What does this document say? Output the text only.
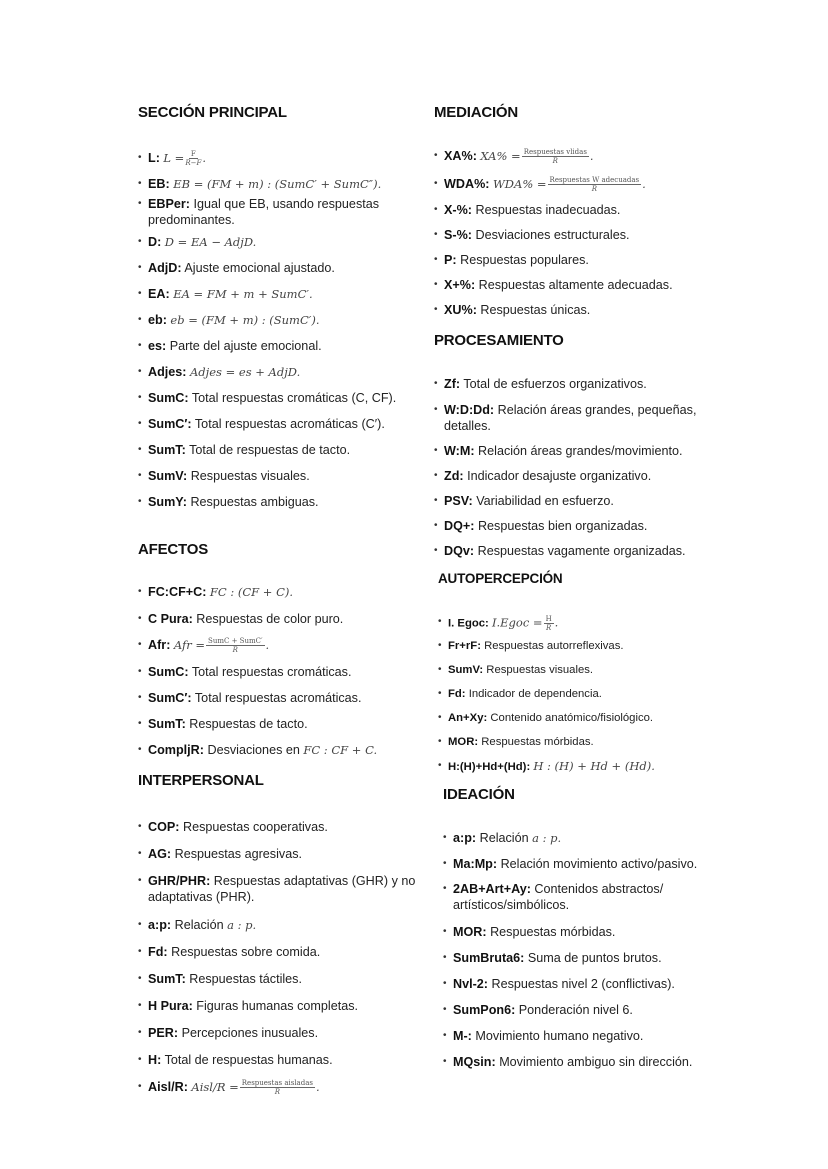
SECCIÓN PRINCIPAL
• L: $L = \frac{F}{R-F}$ .
• EB: EB = (FM + m) : (SumC′ + SumC″).
• EBPer: Igual que EB, usando respuestas predominantes.
• D: D = EA − AdjD.
• AdjD: Ajuste emocional ajustado.
• EA: EA = FM + m + SumC′.
• eb: eb = (FM + m) : (SumC′).
• es: Parte del ajuste emocional.
• Adjes: Adjes = es + AdjD.
• SumC: Total respuestas cromáticas (C, CF).
• SumC′: Total respuestas acromáticas (C′).
• SumT: Total de respuestas de tacto.
• SumV: Respuestas visuales.
• SumY: Respuestas ambiguas.
AFECTOS
• FC:CF+C: FC : (CF + C).
• C Pura: Respuestas de color puro.
• Afr: Afr = $\frac{\text{SumC + SumC′}}{R}$ .
• SumC: Total respuestas cromáticas.
• SumC′: Total respuestas acromáticas.
• SumT: Respuestas de tacto.
• CompljR: Desviaciones en FC : CF + C.
INTERPERSONAL
• COP: Respuestas cooperativas.
• AG: Respuestas agresivas.
• GHR/PHR: Respuestas adaptativas (GHR) y no adaptativas (PHR).
• a:p: Relación a : p.
• Fd: Respuestas sobre comida.
• SumT: Respuestas táctiles.
• H Pura: Figuras humanas completas.
• PER: Percepciones inusuales.
• H: Total de respuestas humanas.
• Aisl/R: Aisl/R = $\frac{\text{Respuestas aisladas}}{R}$ .
MEDIACIÓN
• XA%: $XA\% = \frac{\text{Respuestas vlidas}}{R}$ .
• WDA%: $WDA\% = \frac{\text{Respuestas W adecuadas}}{R}$ .
• X-%: Respuestas inadecuadas.
• S-%: Desviaciones estructurales.
• P: Respuestas populares.
• X+%: Respuestas altamente adecuadas.
• XU%: Respuestas únicas.
PROCESAMIENTO
• Zf: Total de esfuerzos organizativos.
• W:D:Dd: Relación áreas grandes, pequeñas, detalles.
• W:M: Relación áreas grandes/movimiento.
• Zd: Indicador desajuste organizativo.
• PSV: Variabilidad en esfuerzo.
• DQ+: Respuestas bien organizadas.
• DQv: Respuestas vagamente organizadas.
AUTOPERCEPCIÓN
• I. Egoc: I.Egoc = $\frac{H}{R}$ .
• Fr+rF: Respuestas autorreflexivas.
• SumV: Respuestas visuales.
• Fd: Indicador de dependencia.
• An+Xy: Contenido anatómico/fisiológico.
• MOR: Respuestas mórbidas.
• H:(H)+Hd+(Hd): H : (H) + Hd + (Hd).
IDEACIÓN
• a:p: Relación a : p.
• Ma:Mp: Relación movimiento activo/pasivo.
• 2AB+Art+Ay: Contenidos abstractos/ artísticos/simbólicos.
• MOR: Respuestas mórbidas.
• SumBruta6: Suma de puntos brutos.
• Nvl-2: Respuestas nivel 2 (conflictivas).
• SumPon6: Ponderación nivel 6.
• M-: Movimiento humano negativo.
• MQsin: Movimiento ambiguo sin dirección.
